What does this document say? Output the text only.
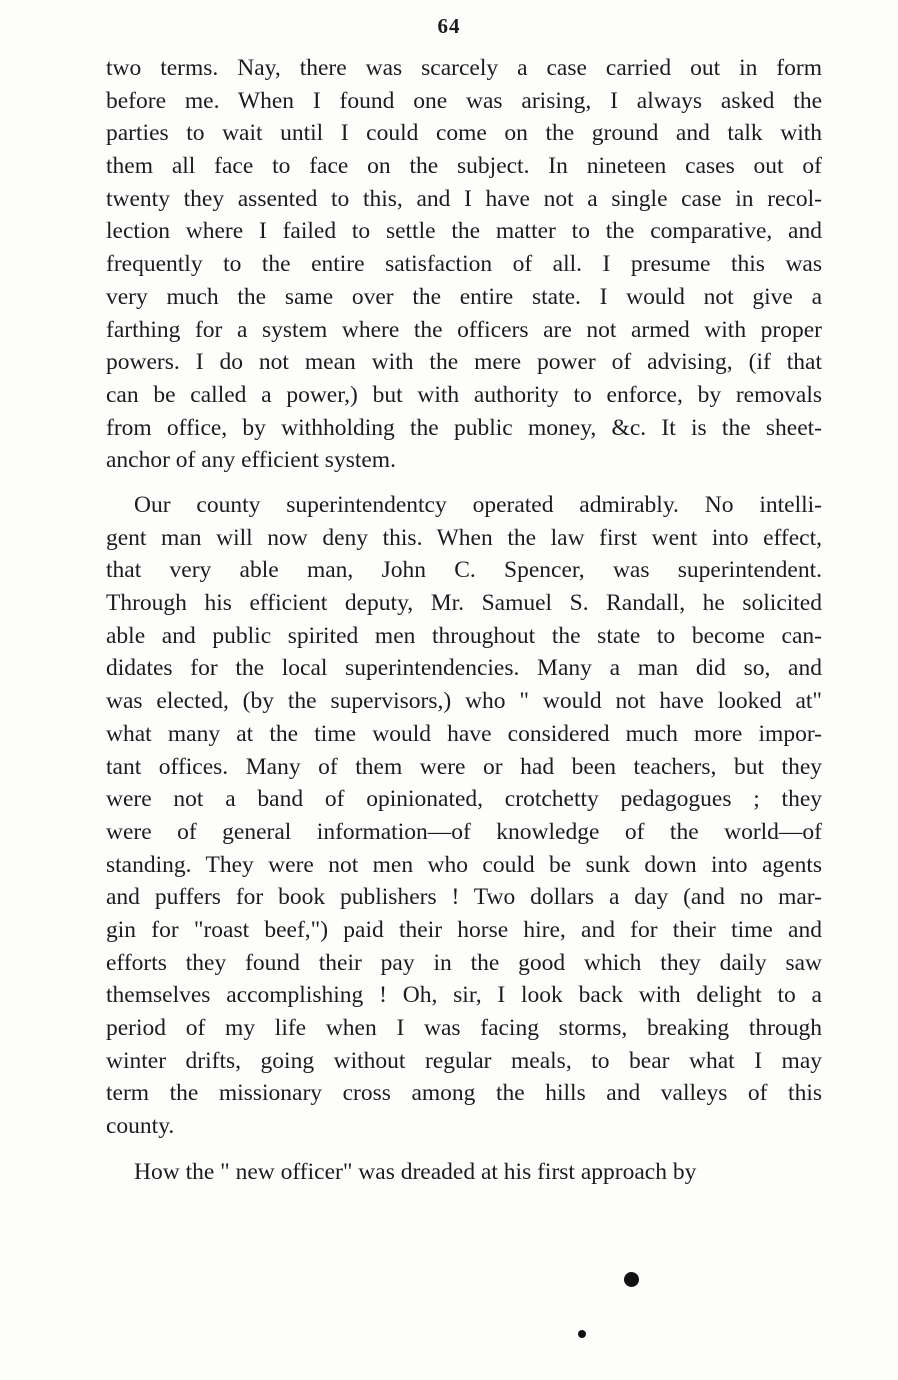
64
two terms. Nay, there was scarcely a case carried out in form
before me. When I found one was arising, I always asked the
parties to wait until I could come on the ground and talk with
them all face to face on the subject. In nineteen cases out of
twenty they assented to this, and I have not a single case in recol-
lection where I failed to settle the matter to the comparative, and
frequently to the entire satisfaction of all. I presume this was
very much the same over the entire state. I would not give a
farthing for a system where the officers are not armed with proper
powers. I do not mean with the mere power of advising, (if that
can be called a power,) but with authority to enforce, by removals
from office, by withholding the public money, &c. It is the sheet-
anchor of any efficient system.
Our county superintendentcy operated admirably. No intelli-
gent man will now deny this. When the law first went into effect,
that very able man, John C. Spencer, was superintendent.
Through his efficient deputy, Mr. Samuel S. Randall, he solicited
able and public spirited men throughout the state to become can-
didates for the local superintendencies. Many a man did so, and
was elected, (by the supervisors,) who " would not have looked at"
what many at the time would have considered much more impor-
tant offices. Many of them were or had been teachers, but they
were not a band of opinionated, crotchetty pedagogues ; they
were of general information—of knowledge of the world—of
standing. They were not men who could be sunk down into agents
and puffers for book publishers ! Two dollars a day (and no mar-
gin for "roast beef,") paid their horse hire, and for their time and
efforts they found their pay in the good which they daily saw
themselves accomplishing ! Oh, sir, I look back with delight to a
period of my life when I was facing storms, breaking through
winter drifts, going without regular meals, to bear what I may
term the missionary cross among the hills and valleys of this
county.
How the " new officer" was dreaded at his first approach by
